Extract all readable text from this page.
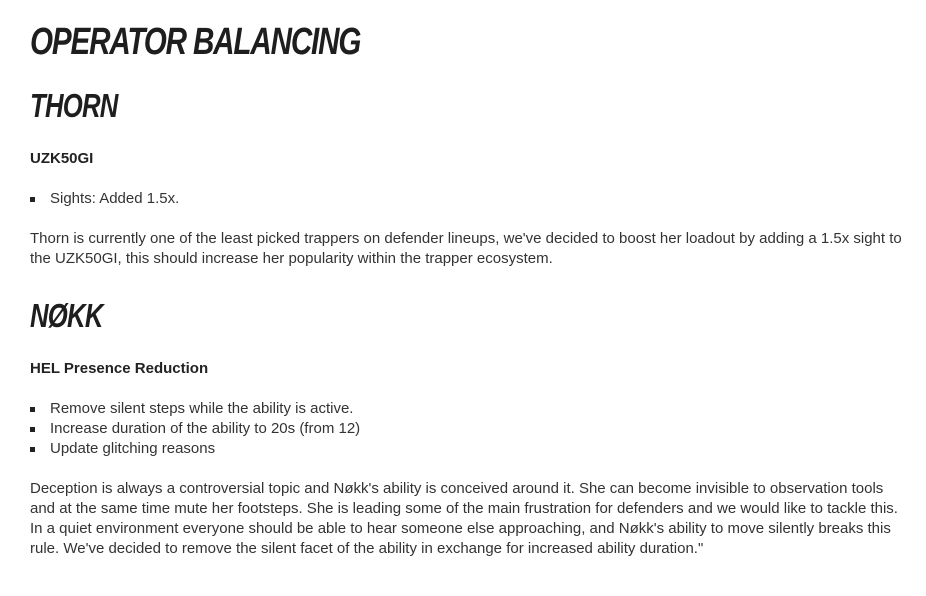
OPERATOR BALANCING
THORN
UZK50GI
Sights: Added 1.5x.

Thorn is currently one of the least picked trappers on defender lineups, we've decided to boost her loadout by adding a 1.5x sight to the UZK50GI, this should increase her popularity within the trapper ecosystem.

NØKK
HEL Presence Reduction
Remove silent steps while the ability is active.
Increase duration of the ability to 20s (from 12)
Update glitching reasons

Deception is always a controversial topic and Nøkk's ability is conceived around it. She can become invisible to observation tools and at the same time mute her footsteps. She is leading some of the main frustration for defenders and we would like to tackle this. In a quiet environment everyone should be able to hear someone else approaching, and Nøkk's ability to move silently breaks this rule. We've decided to remove the silent facet of the ability in exchange for increased ability duration."
